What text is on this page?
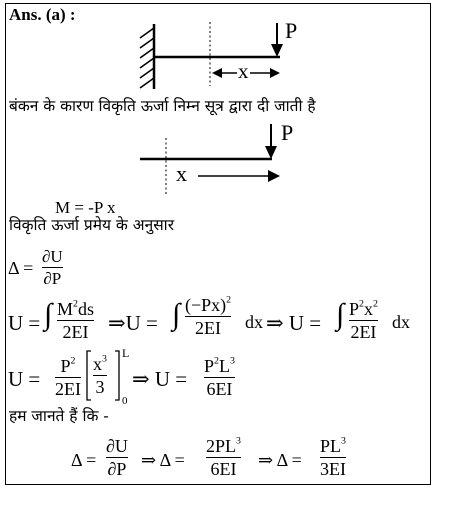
Ans. (a) :
P
x
बंकन के कारण विकृति ऊर्जा निम्न सूत्र द्वारा दी जाती है
P
x
M = -P x
विकृति ऊर्जा प्रमेय के अनुसार
Δ =
∂U
∂P
U = ∫ $M^2ds$
2EI ⇒U = ∫ $(-Px)^2$
2EI dx ⇒ U = ∫ $P^2x^2$
2EI dx
U =
$P^2$
2EI
$x^3$
3
L
0
⇒ U =
$P^2L^3$
6EI
हम जानते हैं कि -
Δ =
∂U
∂P ⇒ Δ =
$2PL^3$
6EI ⇒ Δ =
$PL^3$
3EI
